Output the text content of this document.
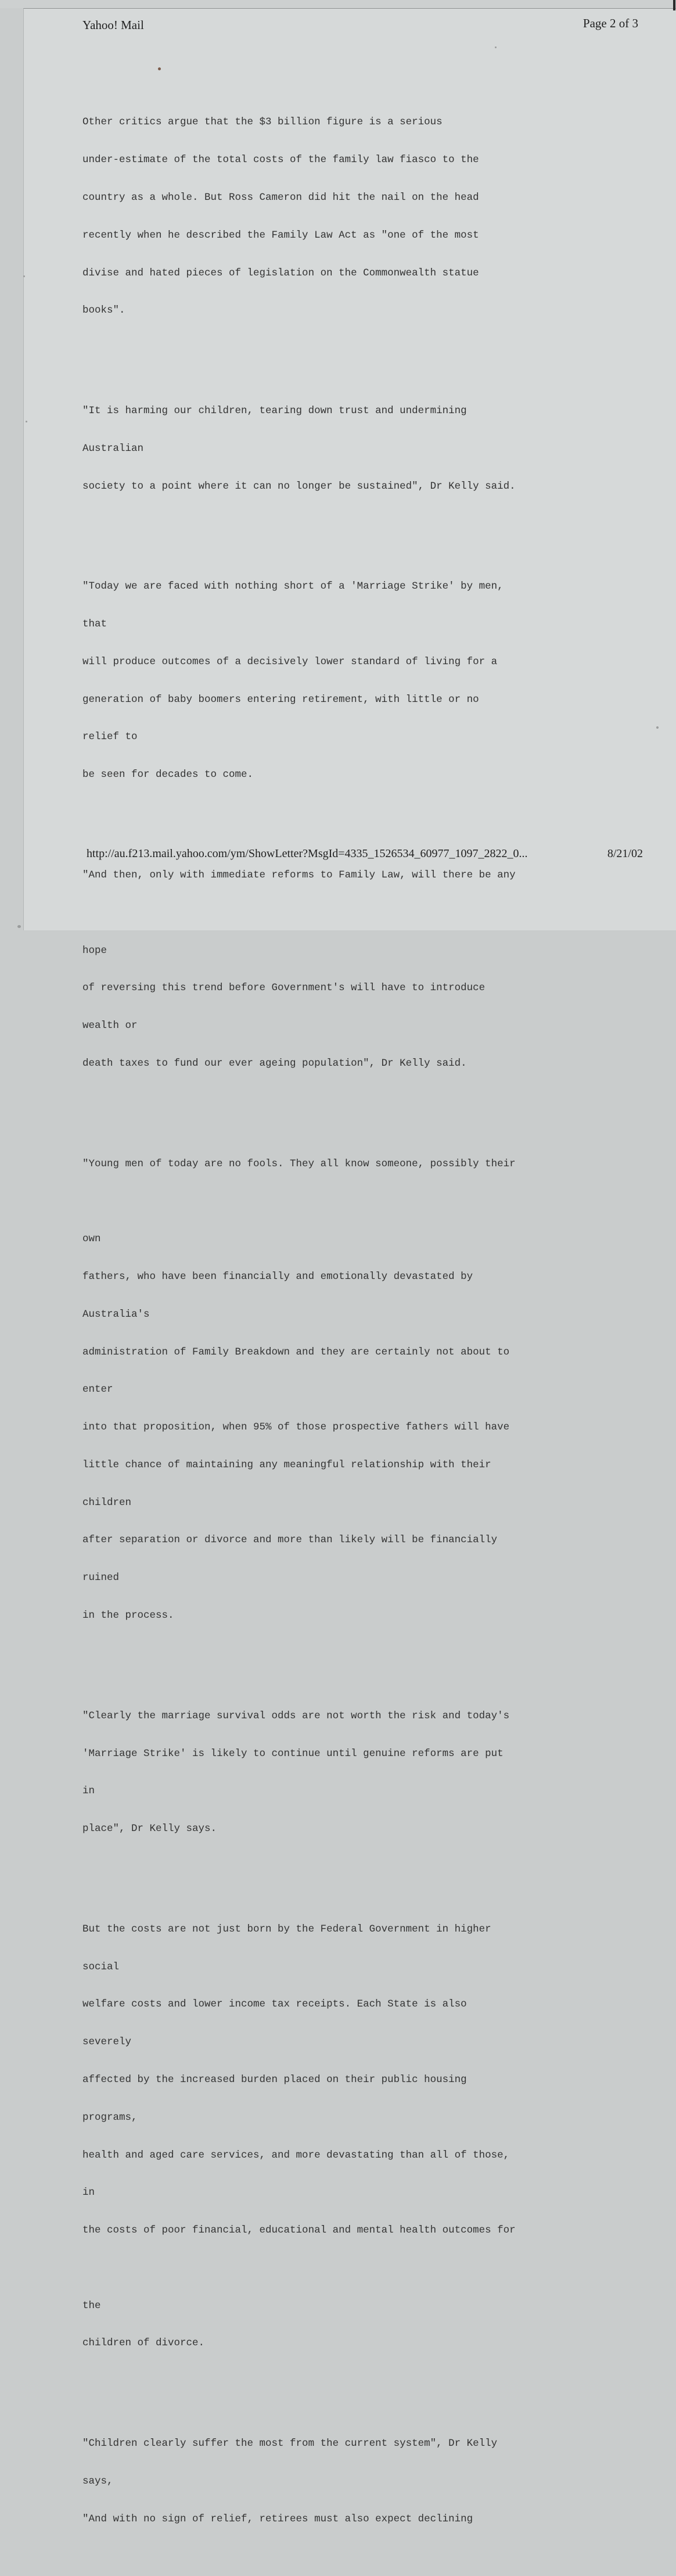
Yahoo! Mail	Page 2 of 3

Other critics argue that the $3 billion figure is a serious

under-estimate of the total costs of the family law fiasco to the

country as a whole. But Ross Cameron did hit the nail on the head

recently when he described the Family Law Act as "one of the most

divise and hated pieces of legislation on the Commonwealth statue

books".

"It is harming our children, tearing down trust and undermining

Australian

society to a point where it can no longer be sustained", Dr Kelly said.

"Today we are faced with nothing short of a 'Marriage Strike' by men,

that

will produce outcomes of a decisively lower standard of living for a

generation of baby boomers entering retirement, with little or no

relief to

be seen for decades to come.

"And then, only with immediate reforms to Family Law, will there be any

hope

of reversing this trend before Government's will have to introduce

wealth or

death taxes to fund our ever ageing population", Dr Kelly said.

"Young men of today are no fools. They all know someone, possibly their

own

fathers, who have been financially and emotionally devastated by

Australia's

administration of Family Breakdown and they are certainly not about to

enter

into that proposition, when 95% of those prospective fathers will have

little chance of maintaining any meaningful relationship with their

children

after separation or divorce and more than likely will be financially

ruined

in the process.

"Clearly the marriage survival odds are not worth the risk and today's

'Marriage Strike' is likely to continue until genuine reforms are put

in

place", Dr Kelly says.

But the costs are not just born by the Federal Government in higher

social

welfare costs and lower income tax receipts. Each State is also

severely

affected by the increased burden placed on their public housing

programs,

health and aged care services, and more devastating than all of those,

in

the costs of poor financial, educational and mental health outcomes for

the

children of divorce.

"Children clearly suffer the most from the current system", Dr Kelly

says,

"And with no sign of relief, retirees must also expect declining

http://au.f213.mail.yahoo.com/ym/ShowLetter?MsgId=4335_1526534_60977_1097_2822_0...	8/21/02
